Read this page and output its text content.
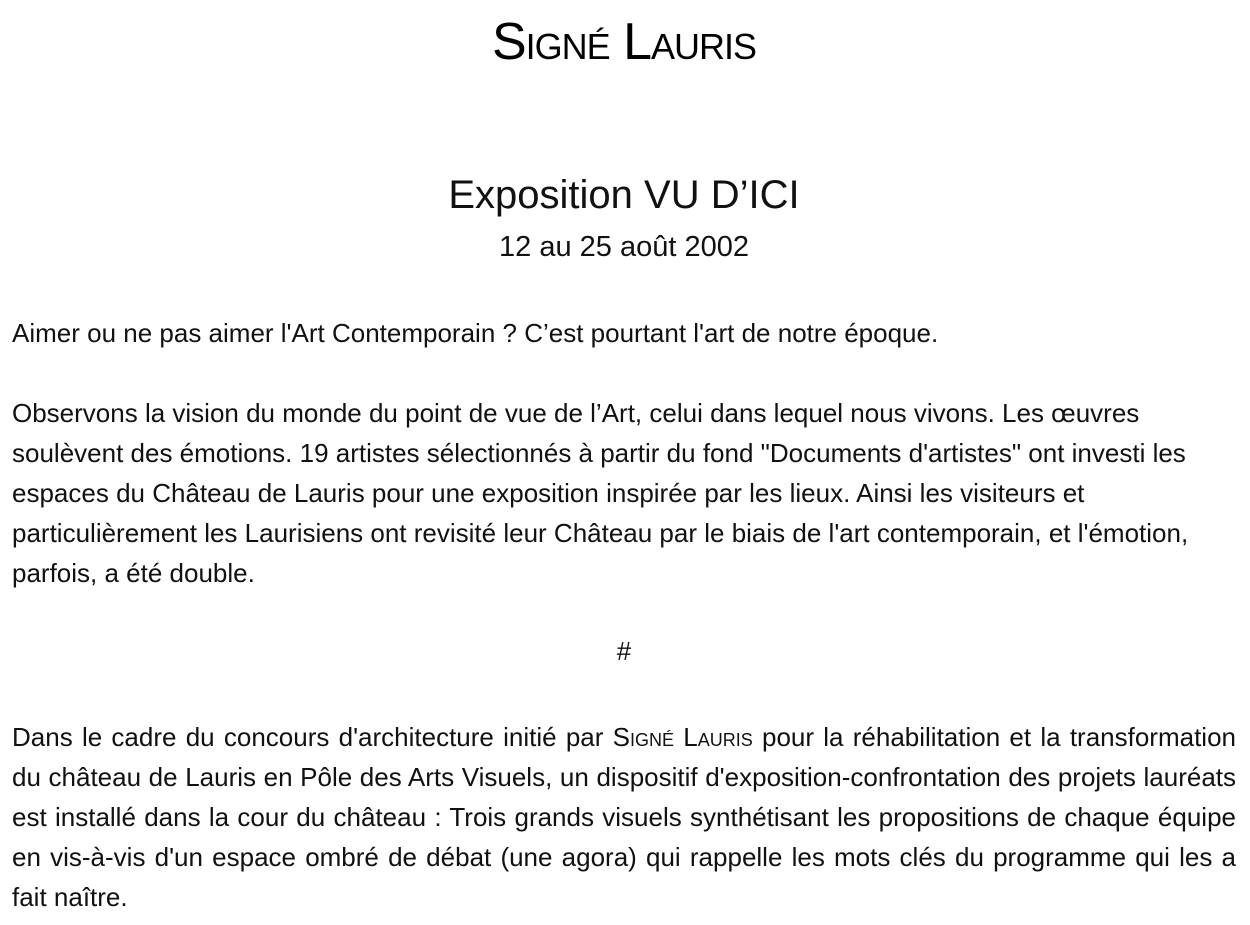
Signé Lauris
Exposition VU D’ICI
12 au 25 août 2002

Aimer ou ne pas aimer l'Art Contemporain ? C’est pourtant l'art de notre époque.

Observons la vision du monde du point de vue de l’Art, celui dans lequel nous vivons. Les œuvres soulèvent des émotions. 19 artistes sélectionnés à partir du fond "Documents d'artistes" ont investi les espaces du Château de Lauris pour une exposition inspirée par les lieux. Ainsi les visiteurs et particulièrement les Laurisiens ont revisité leur Château par le biais de l'art contemporain, et l'émotion, parfois, a été double.

#

Dans le cadre du concours d'architecture initié par Signé Lauris pour la réhabilitation et la transformation du château de Lauris en Pôle des Arts Visuels, un dispositif d'exposition-confrontation des projets lauréats est installé dans la cour du château : Trois grands visuels synthétisant les propositions de chaque équipe en vis-à-vis d'un espace ombré de débat (une agora) qui rappelle les mots clés du programme qui les a fait naître.
